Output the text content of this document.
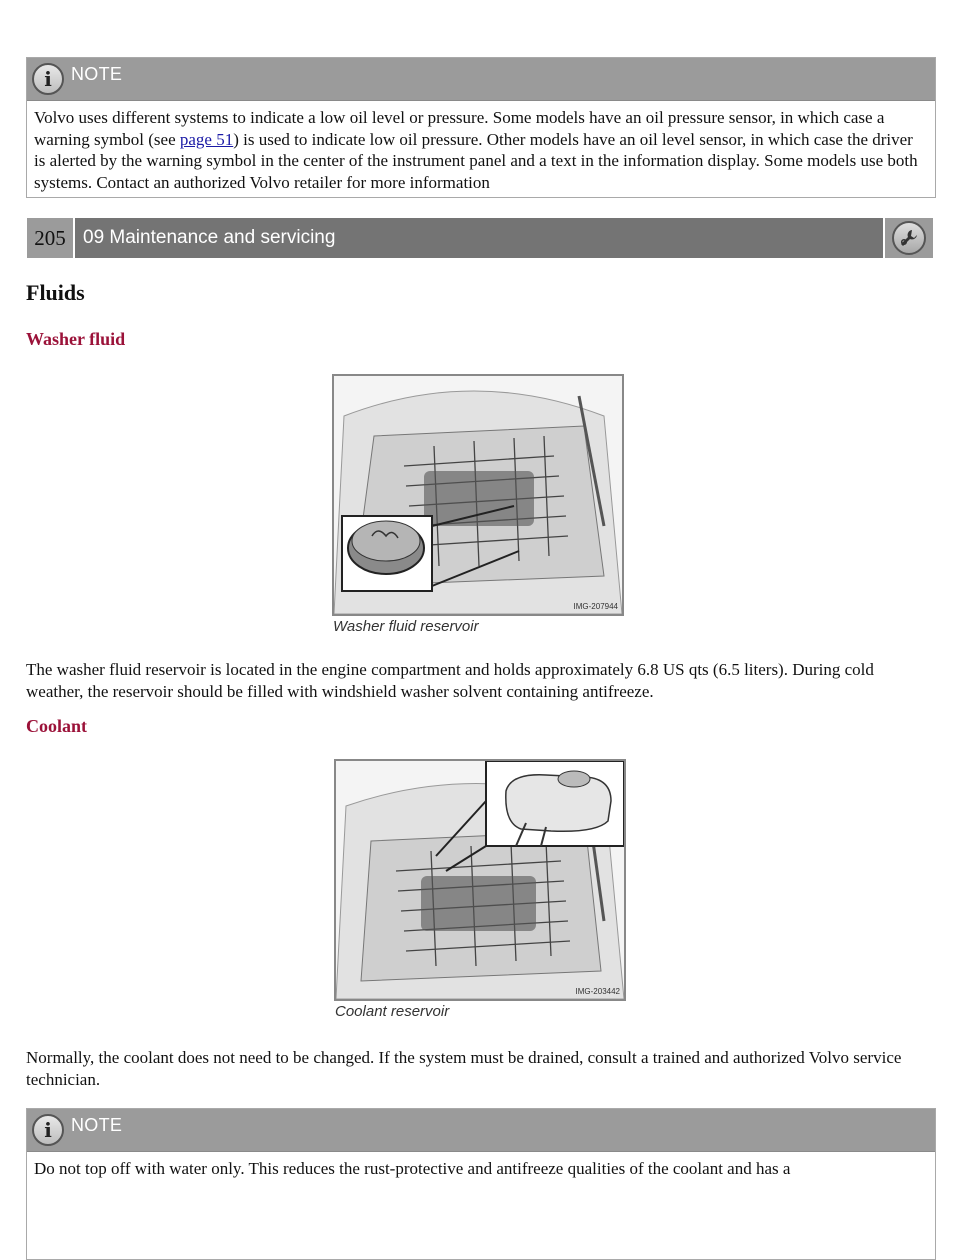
i	NOTE
Volvo uses different systems to indicate a low oil level or pressure. Some models have an oil pressure sensor, in which case a warning symbol (see page 51) is used to indicate low oil pressure. Other models have an oil level sensor, in which case the driver is alerted by the warning symbol in the center of the instrument panel and a text in the information display. Some models use both systems. Contact an authorized Volvo retailer for more information
205 09 Maintenance and servicing
Fluids
Washer fluid
IMG-207944
Washer fluid reservoir

The washer fluid reservoir is located in the engine compartment and holds approximately 6.8 US qts (6.5 liters). During cold weather, the reservoir should be filled with windshield washer solvent containing antifreeze.

Coolant
IMG-203442
Coolant reservoir

Normally, the coolant does not need to be changed. If the system must be drained, consult a trained and authorized Volvo service technician.

i	NOTE
Do not top off with water only. This reduces the rust-protective and antifreeze qualities of the coolant and has a
